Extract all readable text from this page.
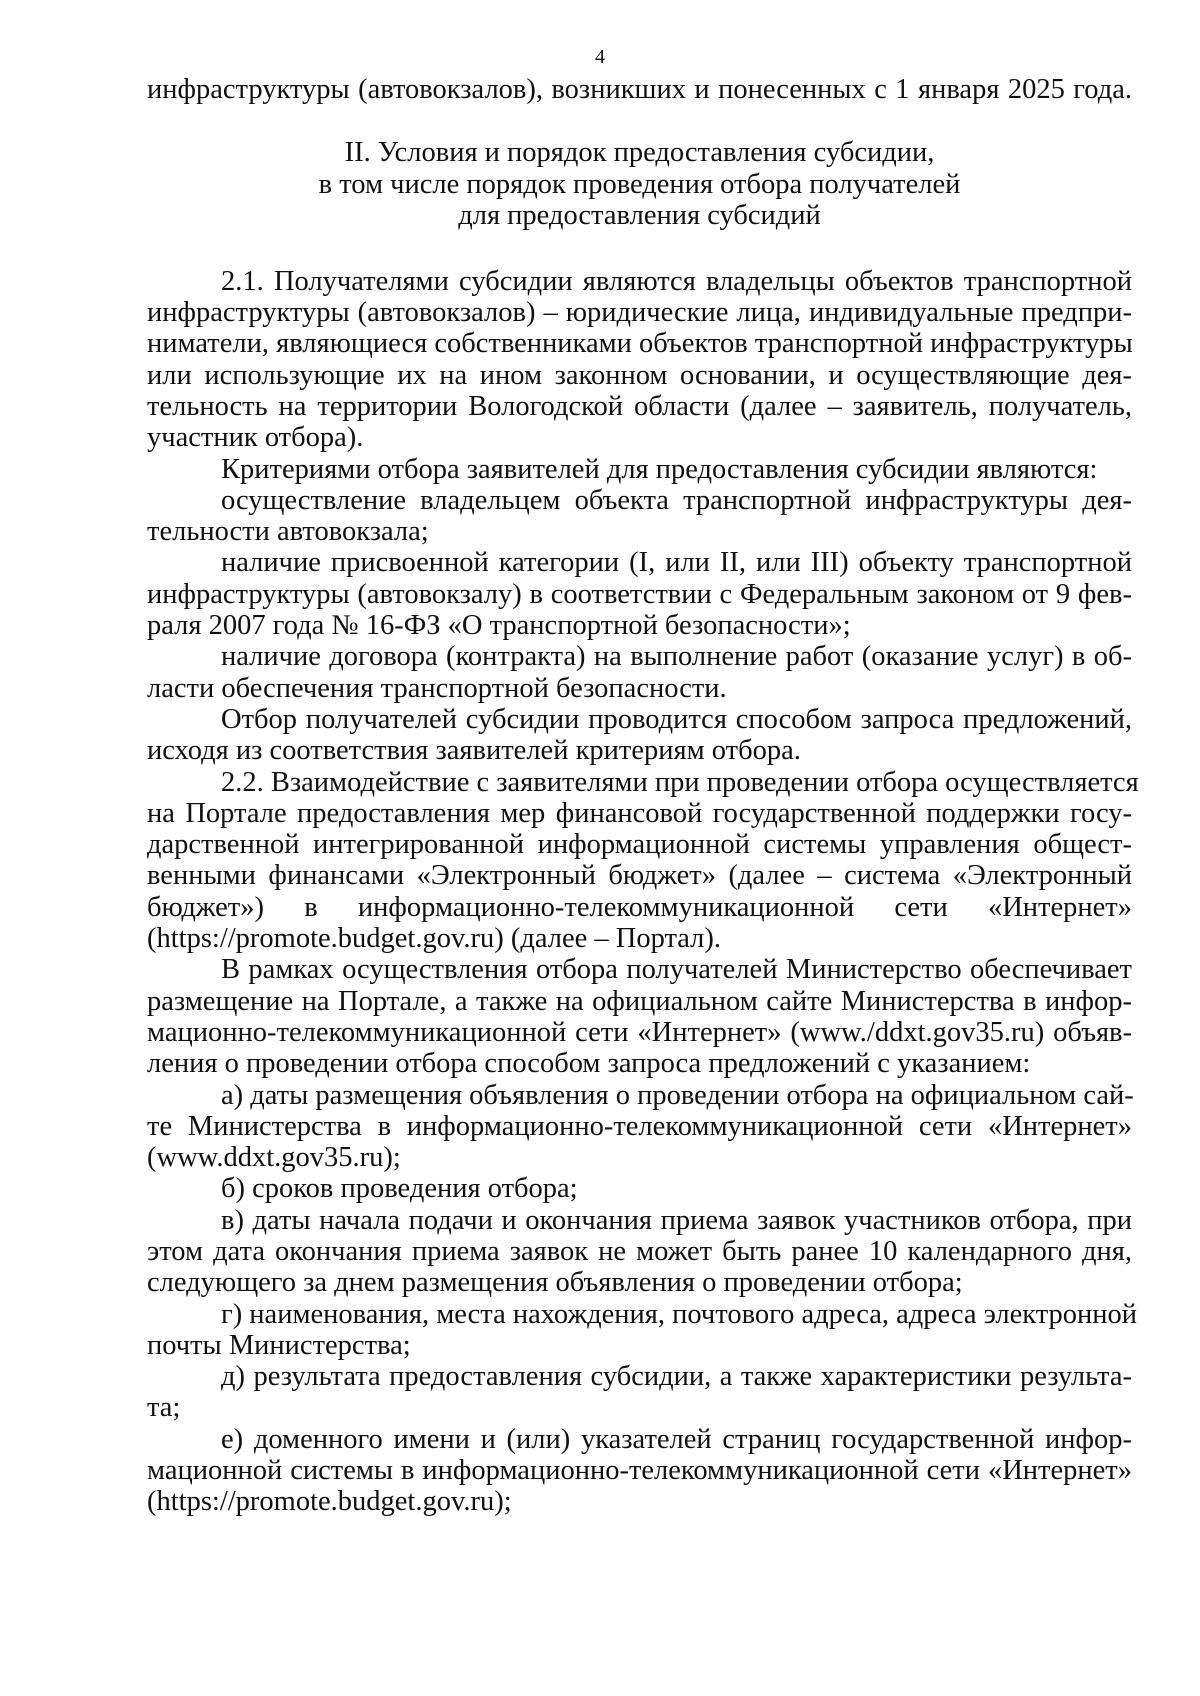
4
инфраструктуры (автовокзалов), возникших и понесенных с 1 января 2025 года.
II. Условия и порядок предоставления субсидии,
в том числе порядок проведения отбора получателей
для предоставления субсидий
2.1. Получателями субсидии являются владельцы объектов транспортной
инфраструктуры (автовокзалов) – юридические лица, индивидуальные предпри-
ниматели, являющиеся собственниками объектов транспортной инфраструктуры
или использующие их на ином законном основании, и осуществляющие дея-
тельность на территории Вологодской области (далее – заявитель, получатель,
участник отбора).
Критериями отбора заявителей для предоставления субсидии являются:
осуществление владельцем объекта транспортной инфраструктуры дея-
тельности автовокзала;
наличие присвоенной категории (I, или II, или III) объекту транспортной
инфраструктуры (автовокзалу) в соответствии с Федеральным законом от 9 фев-
раля 2007 года № 16-ФЗ «О транспортной безопасности»;
наличие договора (контракта) на выполнение работ (оказание услуг) в об-
ласти обеспечения транспортной безопасности.
Отбор получателей субсидии проводится способом запроса предложений,
исходя из соответствия заявителей критериям отбора.
2.2. Взаимодействие с заявителями при проведении отбора осуществляется
на Портале предоставления мер финансовой государственной поддержки госу-
дарственной интегрированной информационной системы управления общест-
венными финансами «Электронный бюджет» (далее – система «Электронный
бюджет») в информационно-телекоммуникационной сети «Интернет»
(https://promote.budget.gov.ru) (далее – Портал).
В рамках осуществления отбора получателей Министерство обеспечивает
размещение на Портале, а также на официальном сайте Министерства в инфор-
мационно-телекоммуникационной сети «Интернет» (www./ddxt.gov35.ru) объяв-
ления о проведении отбора способом запроса предложений с указанием:
а) даты размещения объявления о проведении отбора на официальном сай-
те Министерства в информационно-телекоммуникационной сети «Интернет»
(www.ddxt.gov35.ru);
б) сроков проведения отбора;
в) даты начала подачи и окончания приема заявок участников отбора, при
этом дата окончания приема заявок не может быть ранее 10 календарного дня,
следующего за днем размещения объявления о проведении отбора;
г) наименования, места нахождения, почтового адреса, адреса электронной
почты Министерства;
д) результата предоставления субсидии, а также характеристики результа-
та;
е) доменного имени и (или) указателей страниц государственной инфор-
мационной системы в информационно-телекоммуникационной сети «Интернет»
(https://promote.budget.gov.ru);
